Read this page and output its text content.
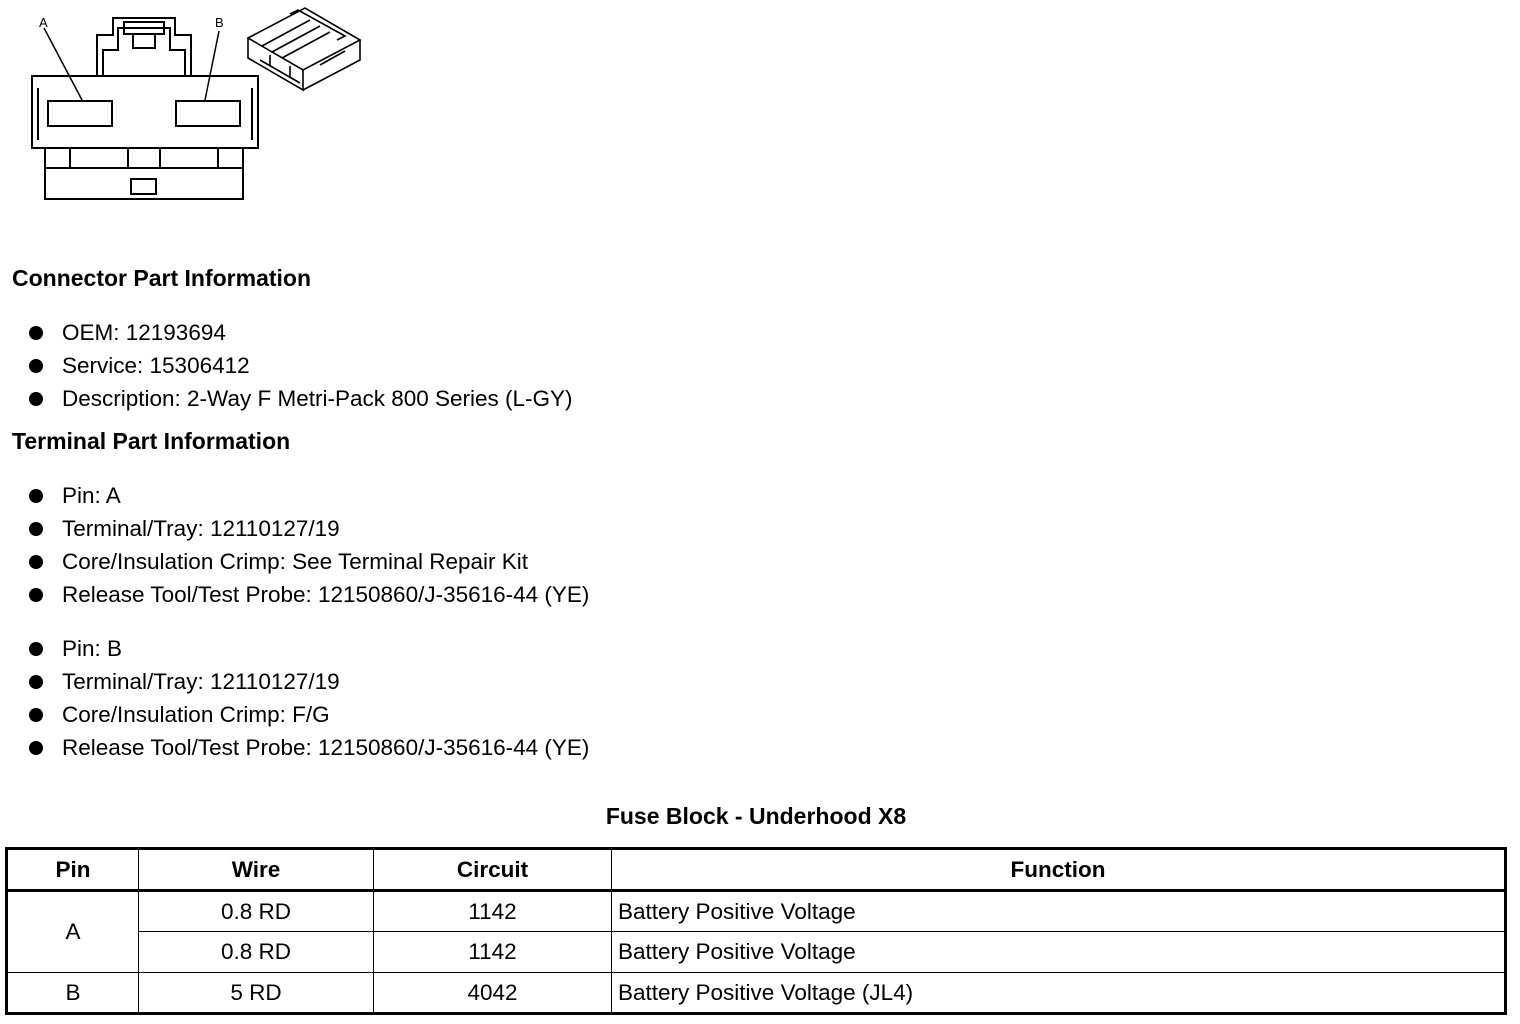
A	B
Connector Part Information
OEM: 12193694
Service: 15306412
Description: 2-Way F Metri-Pack 800 Series (L-GY)
Terminal Part Information
Pin: A
Terminal/Tray: 12110127/19
Core/Insulation Crimp: See Terminal Repair Kit
Release Tool/Test Probe: 12150860/J-35616-44 (YE)
Pin: B
Terminal/Tray: 12110127/19
Core/Insulation Crimp: F/G
Release Tool/Test Probe: 12150860/J-35616-44 (YE)
Fuse Block - Underhood X8
Pin	Wire	Circuit	Function
A	0.8 RD	1142	Battery Positive Voltage
	0.8 RD	1142	Battery Positive Voltage
B	5 RD	4042	Battery Positive Voltage (JL4)
